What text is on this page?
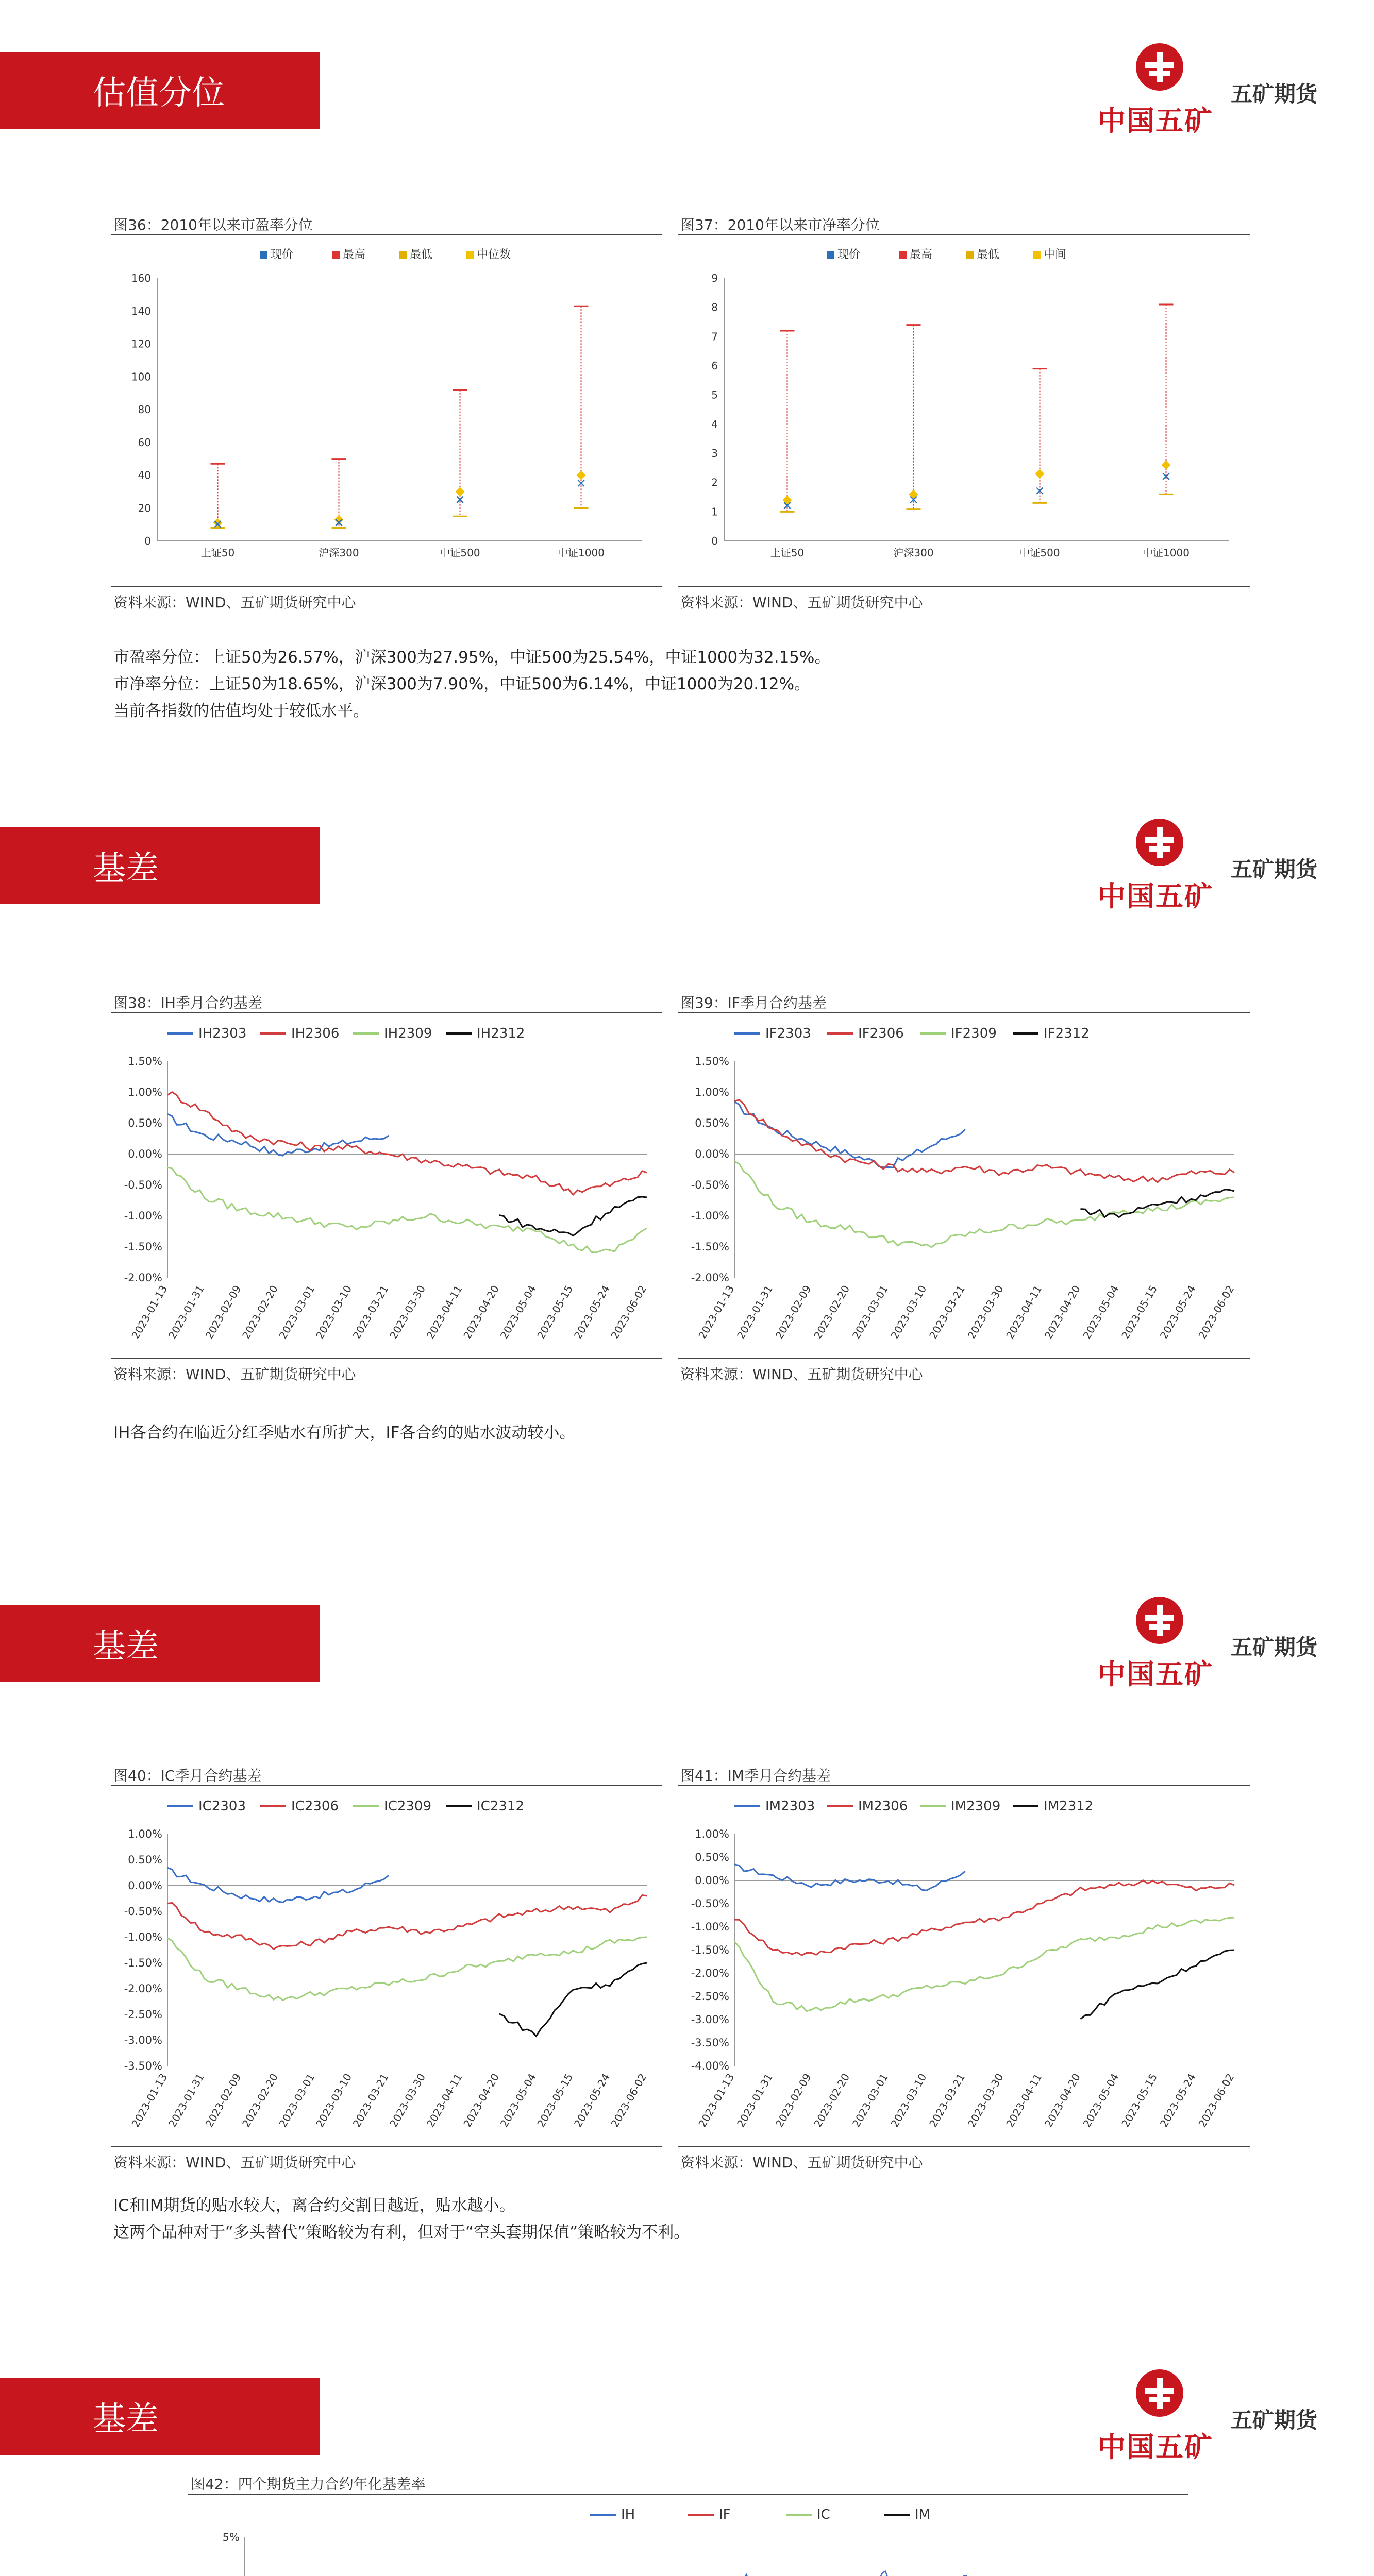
估值分位
中国五矿
五矿期货
图36：2010年以来市盈率分位
现价	最高	最低	中位数
0
20
40
60
80
100
120
140
160
✕
上证50
✕
沪深300
✕
中证500
✕
中证1000
资料来源：WIND、五矿期货研究中心
图37：2010年以来市净率分位
现价	最高	最低	中间
0
1
2
3
4
5
6
7
8
9
✕
上证50
✕
沪深300
✕
中证500
✕
中证1000
资料来源：WIND、五矿期货研究中心
市盈率分位：上证50为26.57%，沪深300为27.95%，中证500为25.54%，中证1000为32.15%。
市净率分位：上证50为18.65%，沪深300为7.90%，中证500为6.14%，中证1000为20.12%。
当前各指数的估值均处于较低水平。
基差
中国五矿
五矿期货
图38：IH季月合约基差
IH2303	IH2306	IH2309	IH2312
1.50%
1.00%
0.50%
0.00%
-0.50%
-1.00%
-1.50%
-2.00%
2023-01-13
2023-01-31
2023-02-09
2023-02-20
2023-03-01
2023-03-10
2023-03-21
2023-03-30
2023-04-11
2023-04-20
2023-05-04
2023-05-15
2023-05-24
2023-06-02
资料来源：WIND、五矿期货研究中心
图39：IF季月合约基差
IF2303	IF2306	IF2309	IF2312
1.50%
1.00%
0.50%
0.00%
-0.50%
-1.00%
-1.50%
-2.00%
2023-01-13
2023-01-31
2023-02-09
2023-02-20
2023-03-01
2023-03-10
2023-03-21
2023-03-30
2023-04-11
2023-04-20
2023-05-04
2023-05-15
2023-05-24
2023-06-02
资料来源：WIND、五矿期货研究中心
IH各合约在临近分红季贴水有所扩大，IF各合约的贴水波动较小。
基差
中国五矿
五矿期货
图40：IC季月合约基差
IC2303	IC2306	IC2309	IC2312
1.00%
0.50%
0.00%
-0.50%
-1.00%
-1.50%
-2.00%
-2.50%
-3.00%
-3.50%
2023-01-13
2023-01-31
2023-02-09
2023-02-20
2023-03-01
2023-03-10
2023-03-21
2023-03-30
2023-04-11
2023-04-20
2023-05-04
2023-05-15
2023-05-24
2023-06-02
资料来源：WIND、五矿期货研究中心
图41：IM季月合约基差
IM2303	IM2306	IM2309	IM2312
1.00%
0.50%
0.00%
-0.50%
-1.00%
-1.50%
-2.00%
-2.50%
-3.00%
-3.50%
-4.00%
2023-01-13
2023-01-31
2023-02-09
2023-02-20
2023-03-01
2023-03-10
2023-03-21
2023-03-30
2023-04-11
2023-04-20
2023-05-04
2023-05-15
2023-05-24
2023-06-02
资料来源：WIND、五矿期货研究中心
IC和IM期货的贴水较大，离合约交割日越近，贴水越小。
这两个品种对于“多头替代”策略较为有利，但对于“空头套期保值”策略较为不利。
基差
中国五矿
五矿期货
图42：四个期货主力合约年化基差率
IH	IF	IC	IM
5%
